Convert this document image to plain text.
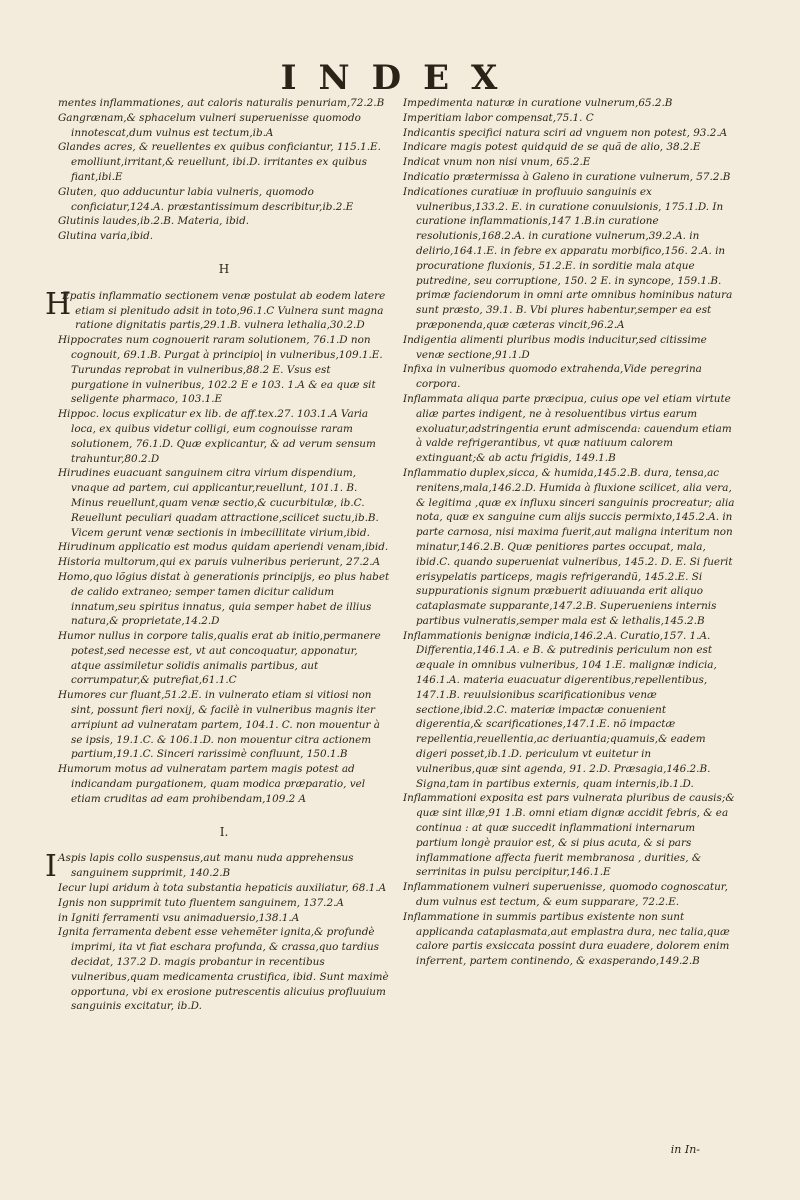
INDEX

mentes inflammationes, aut caloris naturalis penuriam,72.2.B

Gangrænam,& sphacelum vulneri superuenisse quomodo innotescat,dum vulnus est tectum,ib.A

Glandes acres, & reuellentes ex quibus conficiantur, 115.1.E. emolliunt,irritant,& reuellunt, ibi.D. irritantes ex quibus fiant,ibi.E

Gluten, quo adducuntur labia vulneris, quomodo conficiatur,124.A. præstantissimum describitur,ib.2.E

Glutinis laudes,ib.2.B. Materia, ibid.

Glutina varia,ibid.

H

H
Epatis inflammatio sectionem venæ postulat ab eodem latere etiam si plenitudo adsit in toto,96.1.C Vulnera sunt magna ratione dignitatis partis,29.1.B. vulnera lethalia,30.2.D

Hippocrates num cognouerit raram solutionem, 76.1.D non cognouit, 69.1.B. Purgat à principio| in vulneribus,109.1.E. Turundas reprobat in vulneribus,88.2 E. Vsus est purgatione in vulneribus, 102.2 E e 103. 1.A & ea quæ sit seligente pharmaco, 103.1.E

Hippoc. locus explicatur ex lib. de aff.tex.27. 103.1.A Varia loca, ex quibus videtur colligi, eum cognouisse raram solutionem, 76.1.D. Quæ explicantur, & ad verum sensum trahuntur,80.2.D

Hirudines euacuant sanguinem citra virium dispendium, vnaque ad partem, cui applicantur,reuellunt, 101.1. B. Minus reuellunt,quam venæ sectio,& cucurbitulæ, ib.C. Reuellunt peculiari quadam attractione,scilicet suctu,ib.B. Vicem gerunt venæ sectionis in imbecillitate virium,ibid.

Hirudinum applicatio est modus quidam aperiendi venam,ibid.

Historia multorum,qui ex paruis vulneribus perierunt, 27.2.A

Homo,quo lõgius distat à generationis principijs, eo plus habet de calido extraneo; semper tamen dicitur calidum innatum,seu spiritus innatus, quia semper habet de illius natura,& proprietate,14.2.D

Humor nullus in corpore talis,qualis erat ab initio,permanere potest,sed necesse est, vt aut concoquatur, apponatur, atque assimiletur solidis animalis partibus, aut corrumpatur,& putrefiat,61.1.C

Humores cur fluant,51.2.E. in vulnerato etiam si vitiosi non sint, possunt fieri noxij, & facilè in vulneribus magnis iter arripiunt ad vulneratam partem, 104.1. C. non mouentur à se ipsis, 19.1.C. & 106.1.D. non mouentur citra actionem partium,19.1.C. Sinceri rarissimè confluunt, 150.1.B

Humorum motus ad vulneratam partem magis potest ad indicandam purgationem, quam modica præparatio, vel etiam cruditas ad eam prohibendam,109.2 A

I.

I Aspis lapis collo suspensus,aut manu nuda apprehensus sanguinem supprimit, 140.2.B

Iecur lupi aridum à tota substantia hepaticis auxiliatur, 68.1.A

Ignis non supprimit tuto fluentem sanguinem, 137.2.A

in Igniti ferramenti vsu animaduersio,138.1.A

Ignita ferramenta debent esse vehemẽter ignita,& profundè imprimi, ita vt fiat eschara profunda, & crassa,quo tardius decidat, 137.2 D. magis probantur in recentibus vulneribus,quam medicamenta crustifica, ibid. Sunt maximè opportuna, vbi ex erosione putrescentis alicuius profluuium sanguinis excitatur, ib.D.

Impedimenta naturæ in curatione vulnerum,65.2.B

Imperitiam labor compensat,75.1. C

Indicantis specifici natura sciri ad vnguem non potest, 93.2.A

Indicare magis potest quidquid de se quã de alio, 38.2.E

Indicat vnum non nisi vnum, 65.2.E

Indicatio prætermissa à Galeno in curatione vulnerum, 57.2.B

Indicationes curatiuæ in profluuio sanguinis ex vulneribus,133.2. E. in curatione conuulsionis, 175.1.D. In curatione inflammationis,147 1.B.in curatione resolutionis,168.2.A. in curatione vulnerum,39.2.A. in delirio,164.1.E. in febre ex apparatu morbifico,156. 2.A. in procuratione fluxionis, 51.2.E. in sorditie mala atque putredine, seu corruptione, 150. 2 E. in syncope, 159.1.B. primæ faciendorum in omni arte omnibus hominibus natura sunt præsto, 39.1. B. Vbi plures habentur,semper ea est præponenda,quæ cæteras vincit,96.2.A

Indigentia alimenti pluribus modis inducitur,sed citissime venæ sectione,91.1.D

Infixa in vulneribus quomodo extrahenda,Vide peregrina corpora.

Inflammata aliqua parte præcipua, cuius ope vel etiam virtute aliæ partes indigent, ne à resoluentibus virtus earum exoluatur,adstringentia erunt admiscenda: cauendum etiam à valde refrigerantibus, vt quæ natiuum calorem extinguant;& ab actu frigidis, 149.1.B

Inflammatio duplex,sicca, & humida,145.2.B. dura, tensa,ac renitens,mala,146.2.D. Humida à fluxione scilicet, alia vera, & legitima ,quæ ex influxu sinceri sanguinis procreatur; alia nota, quæ ex sanguine cum alijs succis permixto,145.2.A. in parte carnosa, nisi maxima fuerit,aut maligna interitum non minatur,146.2.B. Quæ penitiores partes occupat, mala, ibid.C. quando superueniat vulneribus, 145.2. D. E. Si fuerit erisypelatis particeps, magis refrigerandũ, 145.2.E. Si suppurationis signum præbuerit adiuuanda erit aliquo cataplasmate supparante,147.2.B. Superueniens internis partibus vulneratis,semper mala est & lethalis,145.2.B

Inflammationis benignæ indicia,146.2.A. Curatio,157. 1.A. Differentia,146.1.A. e B. & putredinis periculum non est æquale in omnibus vulneribus, 104 1.E. malignæ indicia, 146.1.A. materia euacuatur digerentibus,repellentibus, 147.1.B. reuulsionibus scarificationibus venæ sectione,ibid.2.C. materiæ impactæ conuenient digerentia,& scarificationes,147.1.E. nõ impactæ repellentia,reuellentia,ac deriuantia;quamuis,& eadem digeri posset,ib.1.D. periculum vt euitetur in vulneribus,quæ sint agenda, 91. 2.D. Præsagia,146.2.B. Signa,tam in partibus externis, quam internis,ib.1.D.

Inflammationi exposita est pars vulnerata pluribus de causis;& quæ sint illæ,91 1.B. omni etiam dignæ accidit febris, & ea continua : at quæ succedit inflammationi internarum partium longè prauior est, & si pius acuta, & si pars inflammatione affecta fuerit membranosa , durities, & serrinitas in pulsu percipitur,146.1.E

Inflammationem vulneri superuenisse, quomodo cognoscatur, dum vulnus est tectum, & eum supparare, 72.2.E.

Inflammatione in summis partibus existente non sunt applicanda cataplasmata,aut emplastra dura, nec talia,quæ calore partis exsiccata possint dura euadere, dolorem enim inferrent, partem continendo, & exasperando,149.2.B

in In-
